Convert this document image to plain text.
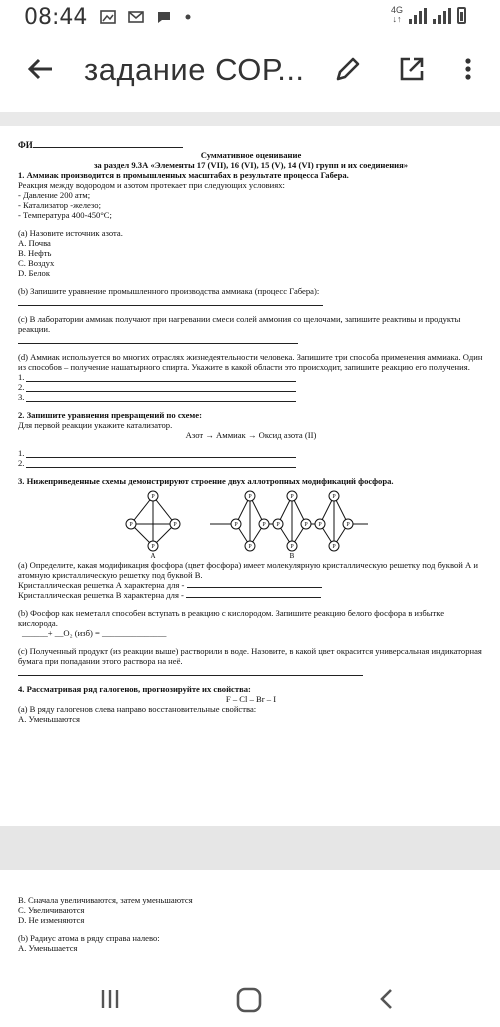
08:44	4G
↓↑
задание СОР...

ФИ

Суммативное оценивание

за раздел 9.3А «Элементы 17 (VII), 16 (VI), 15 (V), 14 (VI) групп и их соединения»

1. Аммиак производится в промышленных масштабах в результате процесса Габера.

Реакция между водородом и азотом протекает при следующих условиях:

- Давление 200 атм;

- Катализатор -железо;

- Температура 400-450°С;

(a) Назовите источник азота.

A. Почва

B. Нефть

C. Воздух

D. Белок

(b) Запишите уравнение промышленного производства аммиака (процесс Габера):

(c) В лаборатории аммиак получают при нагревании смеси солей аммония со щелочами, запишите реактивы и продукты реакции.

(d) Аммиак используется во многих отраслях жизнедеятельности человека. Запишите три способа применения аммиака. Один из способов – получение нашатырного спирта. Укажите в какой области это происходит, запишите реакцию его получения.

1.
2.
3.

2. Запишите уравнения превращений по схеме:

Для первой реакции укажите катализатор.

Азот → Аммиак → Оксид азота (II)

1.
2.

3. Нижеприведенные схемы демонстрируют строение двух аллотропных модификаций фосфора.

P
P	P
P
P
P
P
P P
P
P
P P
P
P
P
A	B

(a) Определите, какая модификация фосфора (цвет фосфора) имеет молекулярную кристаллическую решетку под буквой А и атомную кристаллическую решетку под буквой В.

Кристаллическая решетка А характерна для -

Кристаллическая решетка В характерна для -

(b) Фосфор как неметалл способен вступать в реакцию с кислородом. Запишите реакцию белого фосфора в избытке кислорода.

______+ __O₂ (изб) = _______________

(c) Полученный продукт (из реакции выше) растворили в воде. Назовите, в какой цвет окрасится универсальная индикаторная бумага при попадании этого раствора на неё.

4. Рассматривая ряд галогенов, прогнозируйте их свойства:

F – Cl – Br – I

(a) В ряду галогенов слева направо восстановительные свойства:

A. Уменьшаются

B. Сначала увеличиваются, затем уменьшаются

C. Увеличиваются

D. Не изменяются

(b) Радиус атома в ряду справа налево:

A. Уменьшается
